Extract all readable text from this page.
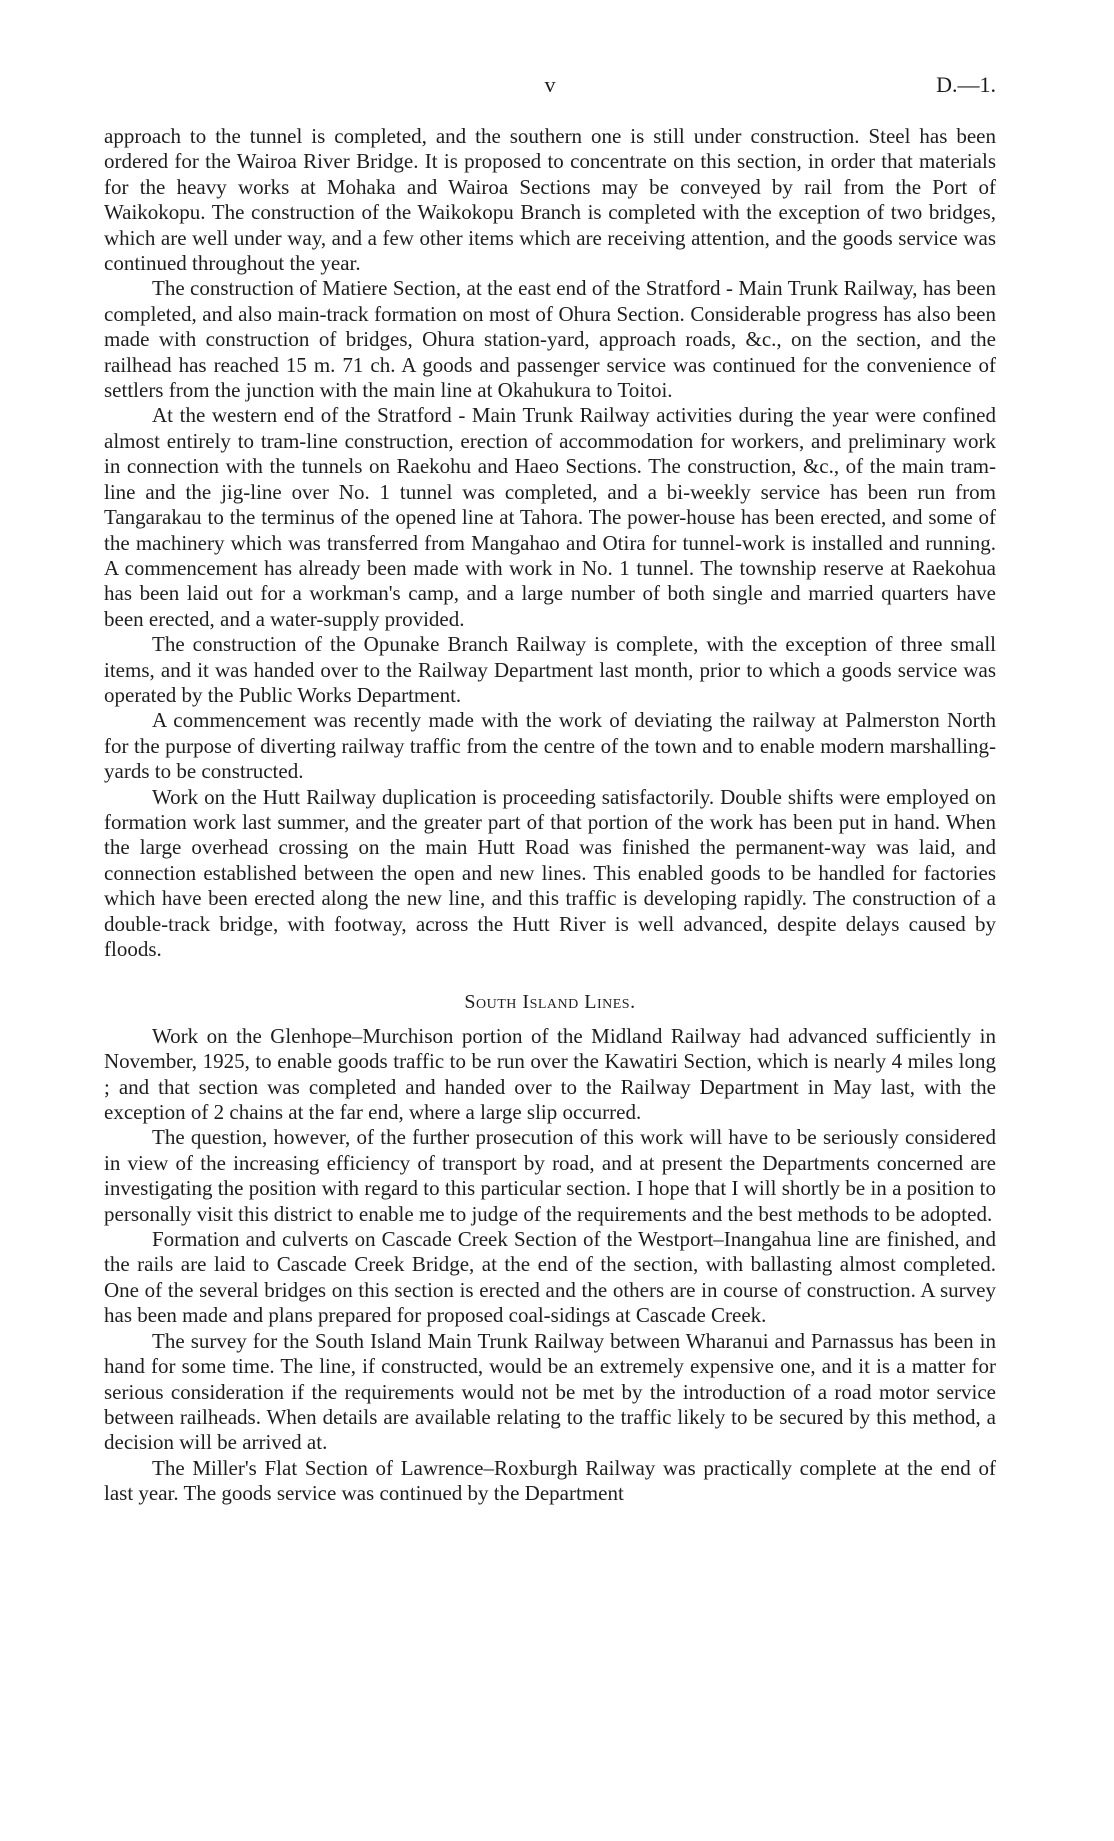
v	D.—1.

approach to the tunnel is completed, and the southern one is still under construction. Steel has been ordered for the Wairoa River Bridge. It is proposed to concentrate on this section, in order that materials for the heavy works at Mohaka and Wairoa Sections may be conveyed by rail from the Port of Waikokopu. The construction of the Waikokopu Branch is completed with the exception of two bridges, which are well under way, and a few other items which are receiving attention, and the goods service was continued throughout the year.

The construction of Matiere Section, at the east end of the Stratford - Main Trunk Railway, has been completed, and also main-track formation on most of Ohura Section. Considerable progress has also been made with construction of bridges, Ohura station-yard, approach roads, &c., on the section, and the railhead has reached 15 m. 71 ch. A goods and passenger service was continued for the convenience of settlers from the junction with the main line at Okahukura to Toitoi.

At the western end of the Stratford - Main Trunk Railway activities during the year were confined almost entirely to tram-line construction, erection of accommodation for workers, and preliminary work in connection with the tunnels on Raekohu and Haeo Sections. The construction, &c., of the main tram-line and the jig-line over No. 1 tunnel was completed, and a bi-weekly service has been run from Tangarakau to the terminus of the opened line at Tahora. The power-house has been erected, and some of the machinery which was transferred from Mangahao and Otira for tunnel-work is installed and running. A commencement has already been made with work in No. 1 tunnel. The township reserve at Raekohua has been laid out for a workman's camp, and a large number of both single and married quarters have been erected, and a water-supply provided.

The construction of the Opunake Branch Railway is complete, with the exception of three small items, and it was handed over to the Railway Department last month, prior to which a goods service was operated by the Public Works Department.

A commencement was recently made with the work of deviating the railway at Palmerston North for the purpose of diverting railway traffic from the centre of the town and to enable modern marshalling-yards to be constructed.

Work on the Hutt Railway duplication is proceeding satisfactorily. Double shifts were employed on formation work last summer, and the greater part of that portion of the work has been put in hand. When the large overhead crossing on the main Hutt Road was finished the permanent-way was laid, and connection established between the open and new lines. This enabled goods to be handled for factories which have been erected along the new line, and this traffic is developing rapidly. The construction of a double-track bridge, with footway, across the Hutt River is well advanced, despite delays caused by floods.

South Island Lines.

Work on the Glenhope–Murchison portion of the Midland Railway had advanced sufficiently in November, 1925, to enable goods traffic to be run over the Kawatiri Section, which is nearly 4 miles long ; and that section was completed and handed over to the Railway Department in May last, with the exception of 2 chains at the far end, where a large slip occurred.

The question, however, of the further prosecution of this work will have to be seriously considered in view of the increasing efficiency of transport by road, and at present the Departments concerned are investigating the position with regard to this particular section. I hope that I will shortly be in a position to personally visit this district to enable me to judge of the requirements and the best methods to be adopted.

Formation and culverts on Cascade Creek Section of the Westport–Inangahua line are finished, and the rails are laid to Cascade Creek Bridge, at the end of the section, with ballasting almost completed. One of the several bridges on this section is erected and the others are in course of construction. A survey has been made and plans prepared for proposed coal-sidings at Cascade Creek.

The survey for the South Island Main Trunk Railway between Wharanui and Parnassus has been in hand for some time. The line, if constructed, would be an extremely expensive one, and it is a matter for serious consideration if the requirements would not be met by the introduction of a road motor service between railheads. When details are available relating to the traffic likely to be secured by this method, a decision will be arrived at.

The Miller's Flat Section of Lawrence–Roxburgh Railway was practically complete at the end of last year. The goods service was continued by the Department
